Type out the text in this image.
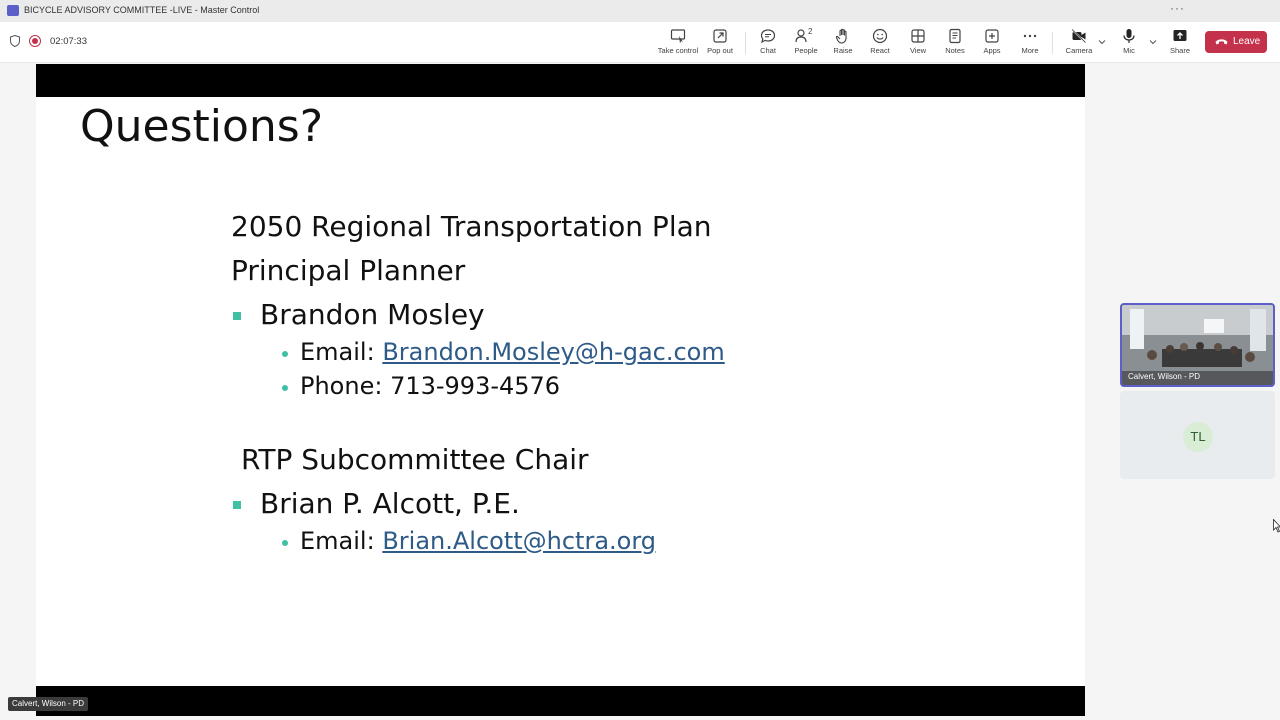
BICYCLE ADVISORY COMMITTEE -LIVE - Master Control	···
02:07:33
Take control	Pop out	Chat
2
People	Raise	React	View	Notes	Apps	More	Camera	Mic	Share
Leave
Questions?
2050 Regional Transportation Plan
Principal Planner
Brandon Mosley
Email: Brandon.Mosley@h-gac.com
Phone: 713-993-4576
RTP Subcommittee Chair
Brian P. Alcott, P.E.
Email: Brian.Alcott@hctra.org
Calvert, Wilson - PD
TL
Calvert, Wilson - PD
